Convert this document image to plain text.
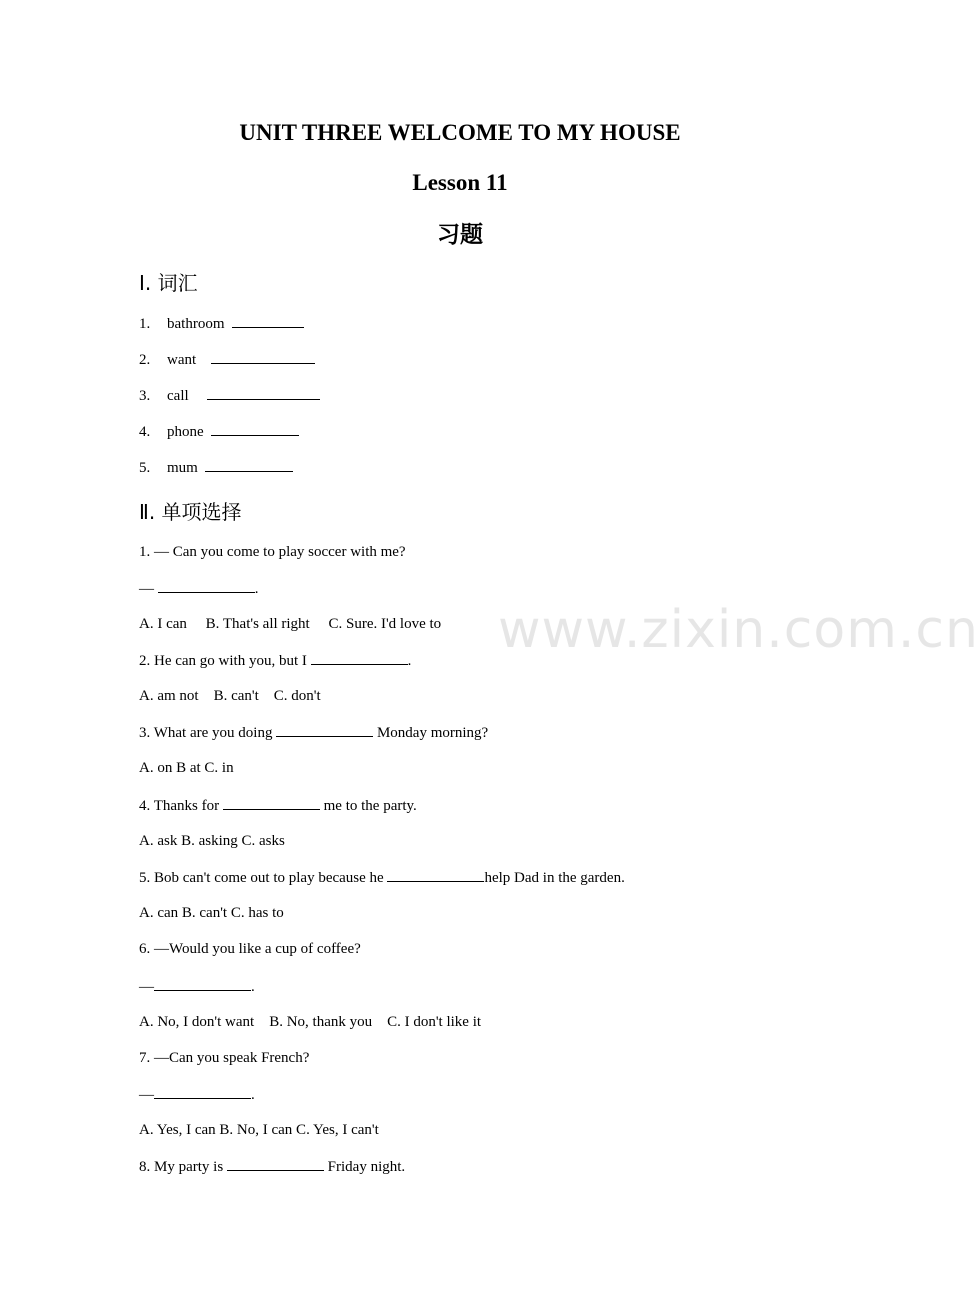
UNIT THREE WELCOME TO MY HOUSE
Lesson 11
习题
Ⅰ. 词汇
1. bathroom
2. want
3. call
4. phone
5. mum
Ⅱ. 单项选择
1. — Can you come to play soccer with me?
—	.
A. I can     B. That's all right     C. Sure. I'd love to
2. He can go with you, but I	.
A. am not    B. can't    C. don't
3. What are you doing	Monday morning?
A. on B at C. in
4. Thanks for	me to the party.
A. ask B. asking C. asks
5. Bob can't come out to play because he	help Dad in the garden.
A. can B. can't C. has to
6. —Would you like a cup of coffee?
—	.
A. No, I don't want    B. No, thank you    C. I don't like it
7. —Can you speak French?
—	.
A. Yes, I can B. No, I can C. Yes, I can't
8. My party is	Friday night.
www.zixin.com.cn
